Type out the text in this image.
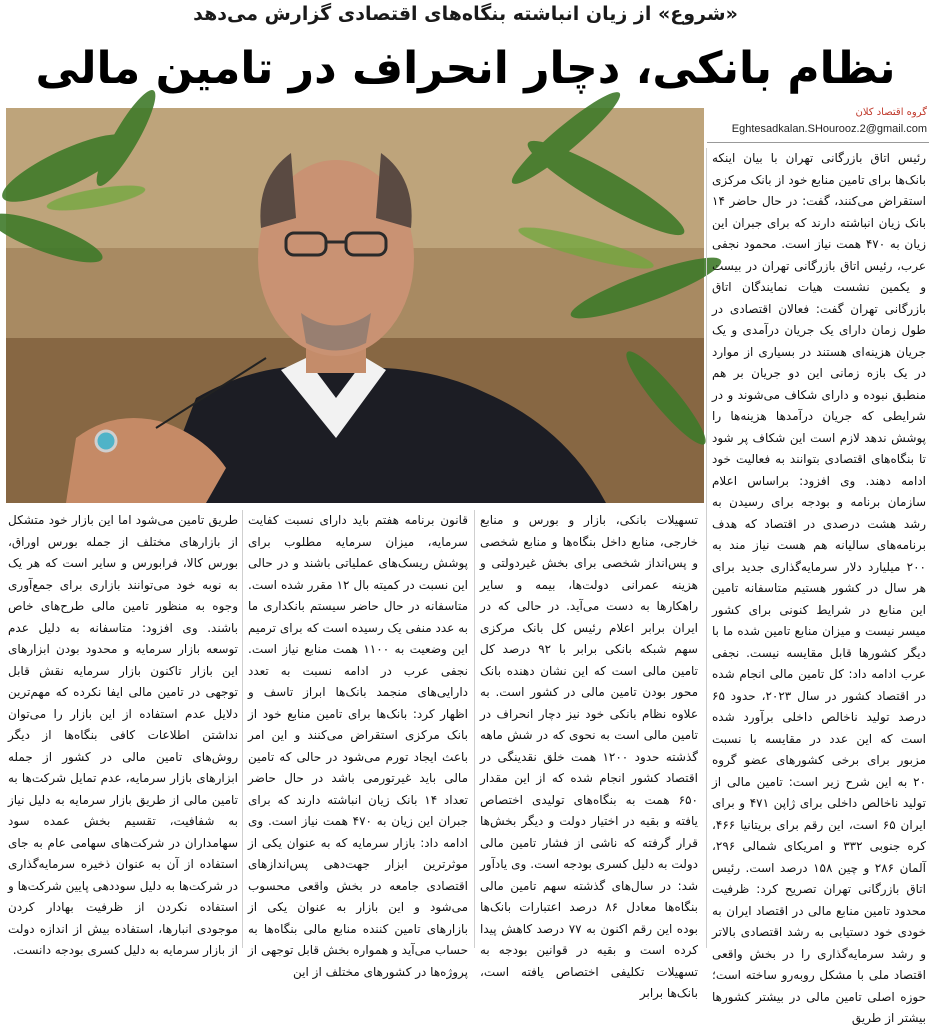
«شروع» از زیان انباشته بنگاه‌های اقتصادی گزارش می‌دهد
نظام بانکی، دچار انحراف در تامین مالی
گروه اقتصاد کلان
Eghtesadkalan.SHourooz.2@gmail.com
رئیس اتاق بازرگانی تهران با بیان اینکه بانک‌ها برای تامین منابع خود از بانک مرکزی استقراض می‌کنند، گفت: در حال حاضر ۱۴ بانک زیان انباشته دارند که برای جبران این زیان به ۴۷۰ همت نیاز است. محمود نجفی عرب، رئیس اتاق بازرگانی تهران در بیست و یکمین نشست هیات نمایندگان اتاق بازرگانی تهران گفت: فعالان اقتصادی در طول زمان دارای یک جریان درآمدی و یک جریان هزینه‌ای هستند در بسیاری از موارد در یک بازه زمانی این دو جریان بر هم منطبق نبوده و دارای شکاف می‌شوند و در شرایطی که جریان درآمدها هزینه‌ها را پوشش ندهد لازم است این شکاف پر شود تا بنگاه‌های اقتصادی بتوانند به فعالیت خود ادامه دهند. وی افزود: براساس اعلام سازمان برنامه و بودجه برای رسیدن به رشد هشت درصدی در اقتصاد که هدف برنامه‌های سالیانه هم هست نیاز مند به ۲۰۰ میلیارد دلار سرمایه‌گذاری جدید برای هر سال در کشور هستیم متاسفانه تامین این منابع در شرایط کنونی برای کشور میسر نیست و میزان منابع تامین شده ما با دیگر کشورها قابل مقایسه نیست. نجفی عرب ادامه داد: کل تامین مالی انجام شده در اقتصاد کشور در سال ۲۰۲۳، حدود ۶۵ درصد تولید ناخالص داخلی برآورد شده است که این عدد در مقایسه با نسبت مزبور برای برخی کشورهای عضو گروه ۲۰ به این شرح زیر است: تامین مالی از تولید ناخالص داخلی برای ژاپن ۴۷۱ و برای ایران ۶۵ است، این رقم برای بریتانیا ۴۶۶، کره جنوبی ۳۳۲ و امریکای شمالی ۲۹۶، آلمان ۲۸۶ و چین ۱۵۸ درصد است. رئیس اتاق بازرگانی تهران تصریح کرد: ظرفیت محدود تامین منابع مالی در اقتصاد ایران به خودی خود دستیابی به رشد اقتصادی بالاتر و رشد سرمایه‌گذاری را در بخش واقعی اقتصاد ملی با مشکل روبه‌رو ساخته است؛ حوزه اصلی تامین مالی در بیشتر کشورها بیشتر از طریق
تسهیلات بانکی، بازار و بورس و منابع خارجی، منابع داخل بنگاه‌ها و منابع شخصی و پس‌انداز شخصی برای بخش غیردولتی و هزینه عمرانی دولت‌ها، بیمه و سایر راهکارها به دست می‌آید. در حالی که در ایران برابر اعلام رئیس کل بانک مرکزی سهم شبکه بانکی برابر با ۹۲ درصد کل تامین مالی است که این نشان دهنده بانک محور بودن تامین مالی در کشور است. به علاوه نظام بانکی خود نیز دچار انحراف در تامین مالی است به نحوی که در شش ماهه گذشته حدود ۱۲۰۰ همت خلق نقدینگی در اقتصاد کشور انجام شده که از این مقدار ۶۵۰ همت به بنگاه‌های تولیدی اختصاص یافته و بقیه در اختیار دولت و دیگر بخش‌ها قرار گرفته که ناشی از فشار تامین مالی دولت به دلیل کسری بودجه است. وی یادآور شد: در سال‌های گذشته سهم تامین مالی بنگاه‌ها معادل ۸۶ درصد اعتبارات بانک‌ها بوده این رقم اکنون به ۷۷ درصد کاهش پیدا کرده است و بقیه در قوانین بودجه به تسهیلات تکلیفی اختصاص یافته است، بانک‌ها برابر
قانون برنامه هفتم باید دارای نسبت کفایت سرمایه، میزان سرمایه مطلوب برای پوشش ریسک‌های عملیاتی باشند و در حالی این نسبت در کمیته بال ۱۲ مقرر شده است. متاسفانه در حال حاضر سیستم بانکداری ما به عدد منفی یک رسیده است که برای ترمیم این وضعیت به ۱۱۰۰ همت منابع نیاز است. نجفی عرب در ادامه نسبت به تعدد دارایی‌های منجمد بانک‌ها ابراز تاسف و اظهار کرد: بانک‌ها برای تامین منابع خود از بانک مرکزی استقراض می‌کنند و این امر باعث ایجاد تورم می‌شود در حالی که تامین مالی باید غیرتورمی باشد در حال حاضر تعداد ۱۴ بانک زیان انباشته دارند که برای جبران این زیان به ۴۷۰ همت نیاز است. وی ادامه داد: بازار سرمایه که به عنوان یکی از موثرترین ابزار جهت‌دهی پس‌اندازهای اقتصادی جامعه در بخش واقعی محسوب می‌شود و این بازار به عنوان یکی از بازارهای تامین کننده منابع مالی بنگاه‌ها به حساب می‌آید و همواره بخش قابل توجهی از پروژه‌ها در کشورهای مختلف از این
طریق تامین می‌شود اما این بازار خود متشکل از بازارهای مختلف از جمله بورس اوراق، بورس کالا، فرابورس و سایر است که هر یک به نوبه خود می‌توانند بازاری برای جمع‌آوری وجوه به منظور تامین مالی طرح‌های خاص باشند. وی افزود: متاسفانه به دلیل عدم توسعه بازار سرمایه و محدود بودن ابزارهای این بازار تاکنون بازار سرمایه نقش قابل توجهی در تامین مالی ایفا نکرده که مهم‌ترین دلایل عدم استفاده از این بازار را می‌توان نداشتن اطلاعات کافی بنگاه‌ها از دیگر روش‌های تامین مالی در کشور از جمله ابزارهای بازار سرمایه، عدم تمایل شرکت‌ها به تامین مالی از طریق بازار سرمایه به دلیل نیاز به شفافیت، تقسیم بخش عمده سود سهامداران در شرکت‌های سهامی عام به جای استفاده از آن به عنوان ذخیره سرمایه‌گذاری در شرکت‌ها به دلیل سوددهی پایین شرکت‌ها و استفاده نکردن از ظرفیت بهادار کردن موجودی انبارها، استفاده بیش از اندازه دولت از بازار سرمایه به دلیل کسری بودجه دانست.
